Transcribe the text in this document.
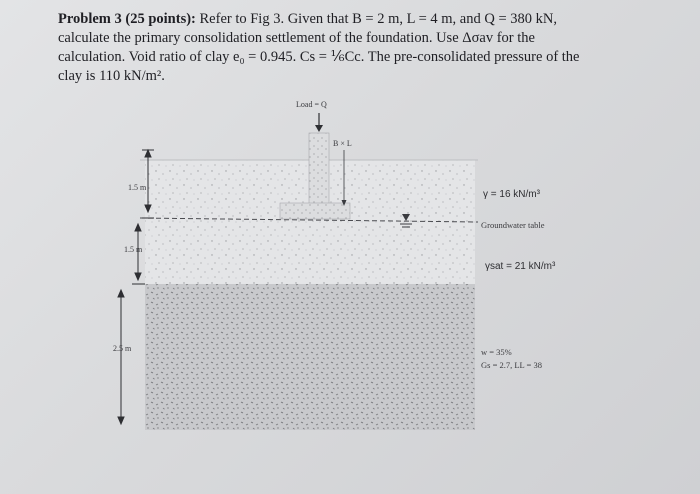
Problem 3 (25 points): Refer to Fig 3. Given that B = 2 m, L = 4 m, and Q = 380 kN,

calculate the primary consolidation settlement of the foundation. Use Δσav for the

calculation. Void ratio of clay e₀ = 0.945. Cs = ⅙Cc. The pre-consolidated pressure of the

clay is 110 kN/m².

Load = Q
B × L
1.5 m
1.5 m
2.5 m
γ = 16 kN/m³
Groundwater table
γsat = 21 kN/m³
w = 35%
Gs = 2.7, LL = 38
